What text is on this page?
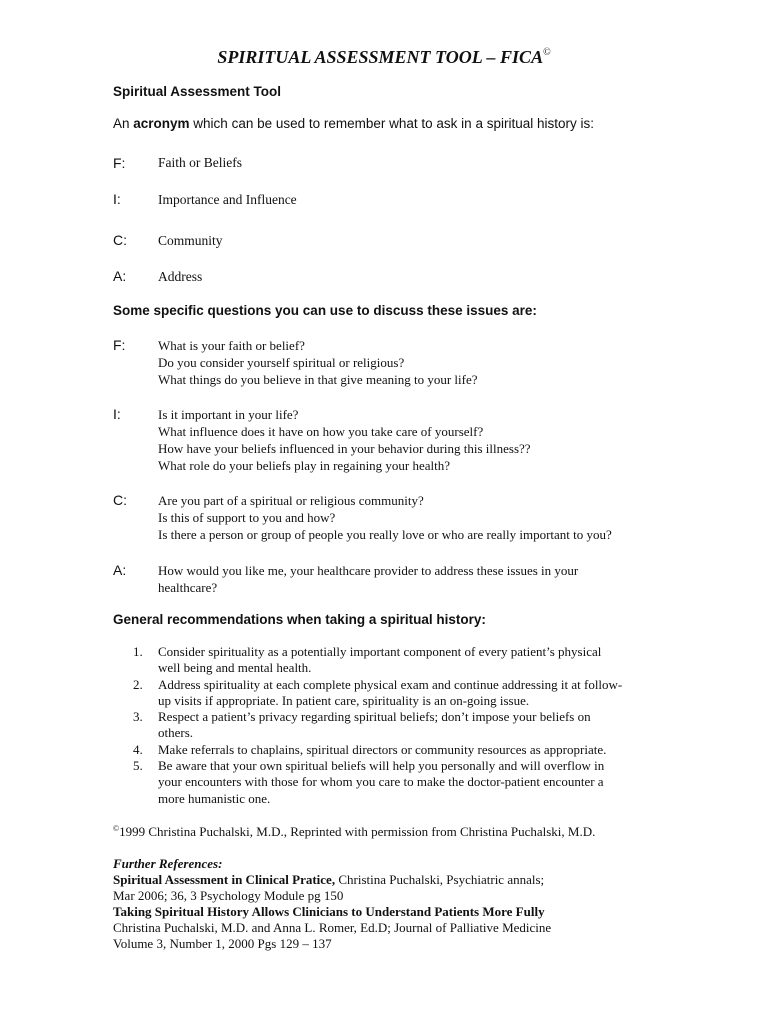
SPIRITUAL ASSESSMENT TOOL – FICA©
Spiritual Assessment Tool
An acronym which can be used to remember what to ask in a spiritual history is:
F: Faith or Beliefs
I:	Importance and Influence
C: Community
A: Address
Some specific questions you can use to discuss these issues are:
F:	What is your faith or belief?
Do you consider yourself spiritual or religious?
What things do you believe in that give meaning to your life?
I:	Is it important in your life?
What influence does it have on how you take care of yourself?
How have your beliefs influenced in your behavior during this illness??
What role do your beliefs play in regaining your health?
C: Are you part of a spiritual or religious community?
Is this of support to you and how?
Is there a person or group of people you really love or who are really important to you?
A: How would you like me, your healthcare provider to address these issues in your
healthcare?
General recommendations when taking a spiritual history:
1. Consider spirituality as a potentially important component of every patient’s physical
well being and mental health.
2. Address spirituality at each complete physical exam and continue addressing it at follow-
up visits if appropriate. In patient care, spirituality is an on-going issue.
3. Respect a patient’s privacy regarding spiritual beliefs; don’t impose your beliefs on
others.
4. Make referrals to chaplains, spiritual directors or community resources as appropriate.
5. Be aware that your own spiritual beliefs will help you personally and will overflow in
your encounters with those for whom you care to make the doctor-patient encounter a
more humanistic one.
©1999 Christina Puchalski, M.D., Reprinted with permission from Christina Puchalski, M.D.
Further References:
Spiritual Assessment in Clinical Pratice, Christina Puchalski, Psychiatric annals;
Mar 2006; 36, 3 Psychology Module pg 150
Taking Spiritual History Allows Clinicians to Understand Patients More Fully
Christina Puchalski, M.D. and Anna L. Romer, Ed.D; Journal of Palliative Medicine
Volume 3, Number 1, 2000 Pgs 129 – 137
